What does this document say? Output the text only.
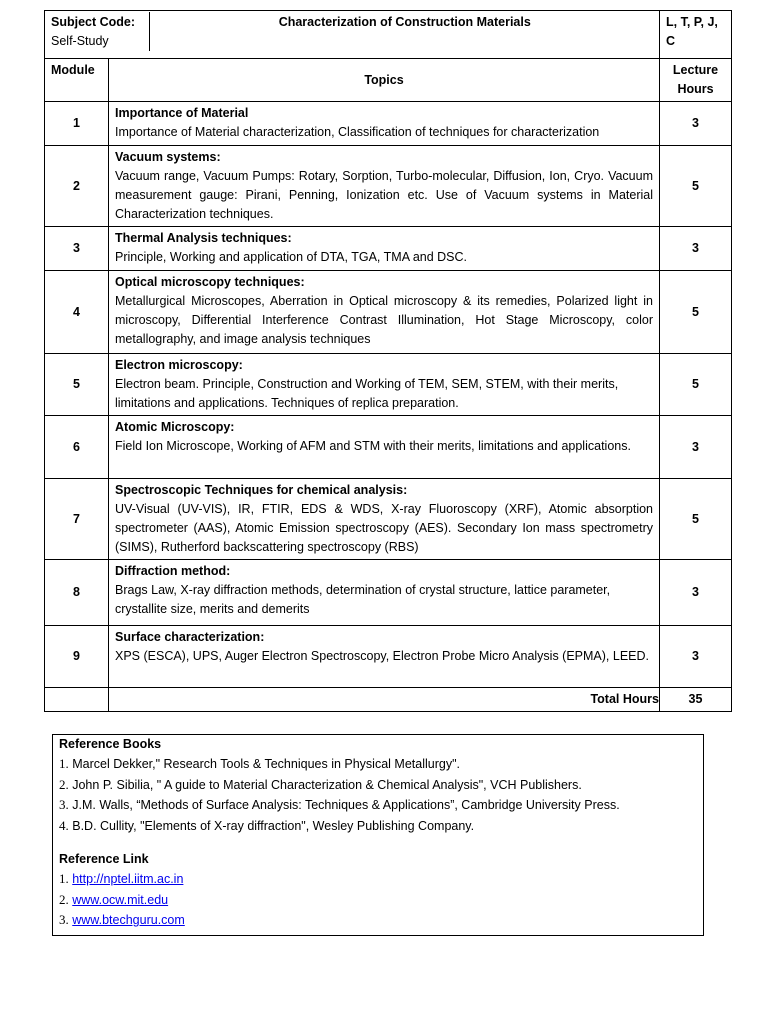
Subject Code:
Self-Study		Characterization of Construction Materials	L, T, P, J,
C
Module	Topics		Lecture
Hours
1	Importance of Material
Importance of Material characterization, Classification of techniques for characterization		3
2	Vacuum systems:
Vacuum range, Vacuum Pumps: Rotary, Sorption, Turbo-molecular, Diffusion, Ion, Cryo. Vacuum measurement gauge: Pirani, Penning, Ionization etc. Use of Vacuum systems in Material Characterization techniques.		5
3	Thermal Analysis techniques:
Principle, Working and application of DTA, TGA, TMA and DSC.		3
4	Optical microscopy techniques:
Metallurgical Microscopes, Aberration in Optical microscopy & its remedies, Polarized light in microscopy, Differential Interference Contrast Illumination, Hot Stage Microscopy, color metallography, and image analysis techniques		5
5	Electron microscopy:
Electron beam. Principle, Construction and Working of TEM, SEM, STEM, with their merits, limitations and applications. Techniques of replica preparation.		5
6	Atomic Microscopy:
Field Ion Microscope, Working of AFM and STM with their merits, limitations and applications.		3
7	Spectroscopic Techniques for chemical analysis:
UV-Visual (UV-VIS), IR, FTIR, EDS & WDS, X-ray Fluoroscopy (XRF), Atomic absorption spectrometer (AAS), Atomic Emission spectroscopy (AES). Secondary Ion mass spectrometry (SIMS), Rutherford backscattering spectroscopy (RBS)		5
8	Diffraction method:
Brags Law, X-ray diffraction methods, determination of crystal structure, lattice parameter, crystallite size, merits and demerits		3
9	Surface characterization:
XPS (ESCA), UPS, Auger Electron Spectroscopy, Electron Probe Micro Analysis (EPMA), LEED.		3
	Total Hours		35
Reference Books
1. Marcel Dekker," Research Tools & Techniques in Physical Metallurgy".
2. John P. Sibilia, " A guide to Material Characterization & Chemical Analysis", VCH Publishers.
3. J.M. Walls, “Methods of Surface Analysis: Techniques & Applications”, Cambridge University Press.
4. B.D. Cullity, "Elements of X-ray diffraction", Wesley Publishing Company.
Reference Link
1. http://nptel.iitm.ac.in
2. www.ocw.mit.edu
3. www.btechguru.com
